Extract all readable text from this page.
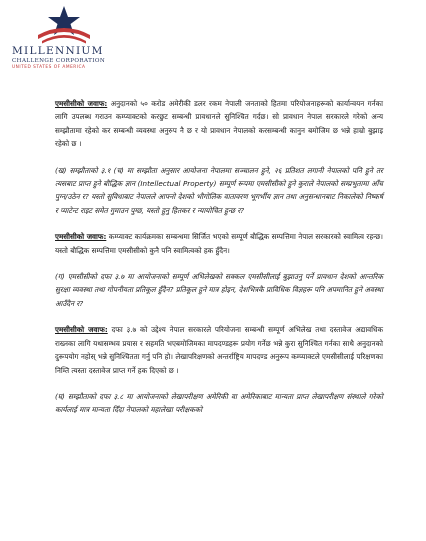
MILLENNIUM
CHALLENGE CORPORATION
UNITED STATES OF AMERICA

एमसीसीको जवाफ: अनुदानको ५० करोड अमेरीकी डलर रकम नेपाली जनताको हितमा परियोजनाहरूको कार्यान्वयन गर्नका लागि उपलब्ध गराउन कम्प्याक्टको करछुट सम्बन्धी प्रावधानले सुनिश्चित गर्दछ। सो प्रावधान नेपाल सरकारले गरेको अन्य सम्झौतामा रहेको कर सम्बन्धी व्यवस्था अनुरुप नै छ र यो प्रावधान नेपालको करसम्बन्धी कानुन बमोजिम छ भन्ने हाम्रो बुझाइ रहेको छ ।

(ख) सम्झौताको ३.१ (च) मा सम्झौता अनुसार आयोजना नेपालमा सञ्चालन हुने, २६ प्रतिशत लगानी नेपालको पनि हुने तर त्यसबाट प्राप्त हुने बौद्धिक ज्ञान (Intellectual Property) सम्पूर्ण रूपमा एमसीसीको हुने कुराले नेपालको सम्प्रभुतामा आँच पुग्न/उठेन र? यस्तो सुविधाबाट नेपालले आफ्नो देशको भौगोलिक वातावरण भूगर्भीय ज्ञान तथा अनुसन्धानबाट निकालेको निष्कर्ष र प्याटेन्ट राइट समेत गुमाउन पुग्छ, यस्तो हुनु हितकर र न्यायोचित हुन्छ र?

एमसीसीको जवाफ: कम्प्याक्ट कार्यक्रमका सम्बन्धमा सिर्जित भएको सम्पूर्ण बौद्धिक सम्पत्तिमा नेपाल सरकारको स्वामित्व रहन्छ। यस्तो बौद्धिक सम्पत्तिमा एमसीसीको कुनै पनि स्वामित्वको हक हुँदैन।

(ग) एमसीसीको दफा ३.७ मा आयोजनाको सम्पूर्ण अभिलेखको सक्कल एमसीसीलाई बुझाउनु पर्ने प्रावधान देशको आन्तरिक सुरक्षा व्यवस्था तथा गोपनीयता प्रतिकूल हुँदैन? प्रतिकूल हुने मात्र होइन, देशभित्रकै प्राविधिक विज्ञहरू पनि अपमानित हुने अवस्था आउँदैन र?

एमसीसीको जवाफ: दफा ३.७ को उद्देश्य नेपाल सरकारले परियोजना सम्बन्धी सम्पूर्ण अभिलेख तथा दस्तावेज अद्यावधिक राख्नका लागि यथासम्भव प्रयास र सहमति भएबमोजिमका मापदण्डहरू प्रयोग गर्नेछ भन्ने कुरा सुनिश्चित गर्नका साथै अनुदानको दुरूपयोग नहोस् भन्ने सुनिश्चितता गर्नु पनि हो। लेखापरिक्षणको अन्तर्राष्ट्रिय मापदण्ड अनुरूप कम्प्याक्टले एमसीसीलाई परिक्षणका निम्ति त्यस्ता दस्तावेज प्राप्त गर्ने हक दिएको छ ।

(घ) सम्झौताको दफा ३.८ मा आयोजनाको लेखापरीक्षण अमेरिकी वा अमेरिकाबाट मान्यता प्राप्त लेखापरीक्षण संस्थाले गरेको कार्यलाई मात्र मान्यता दिँदा नेपालको महालेखा परीक्षकको
